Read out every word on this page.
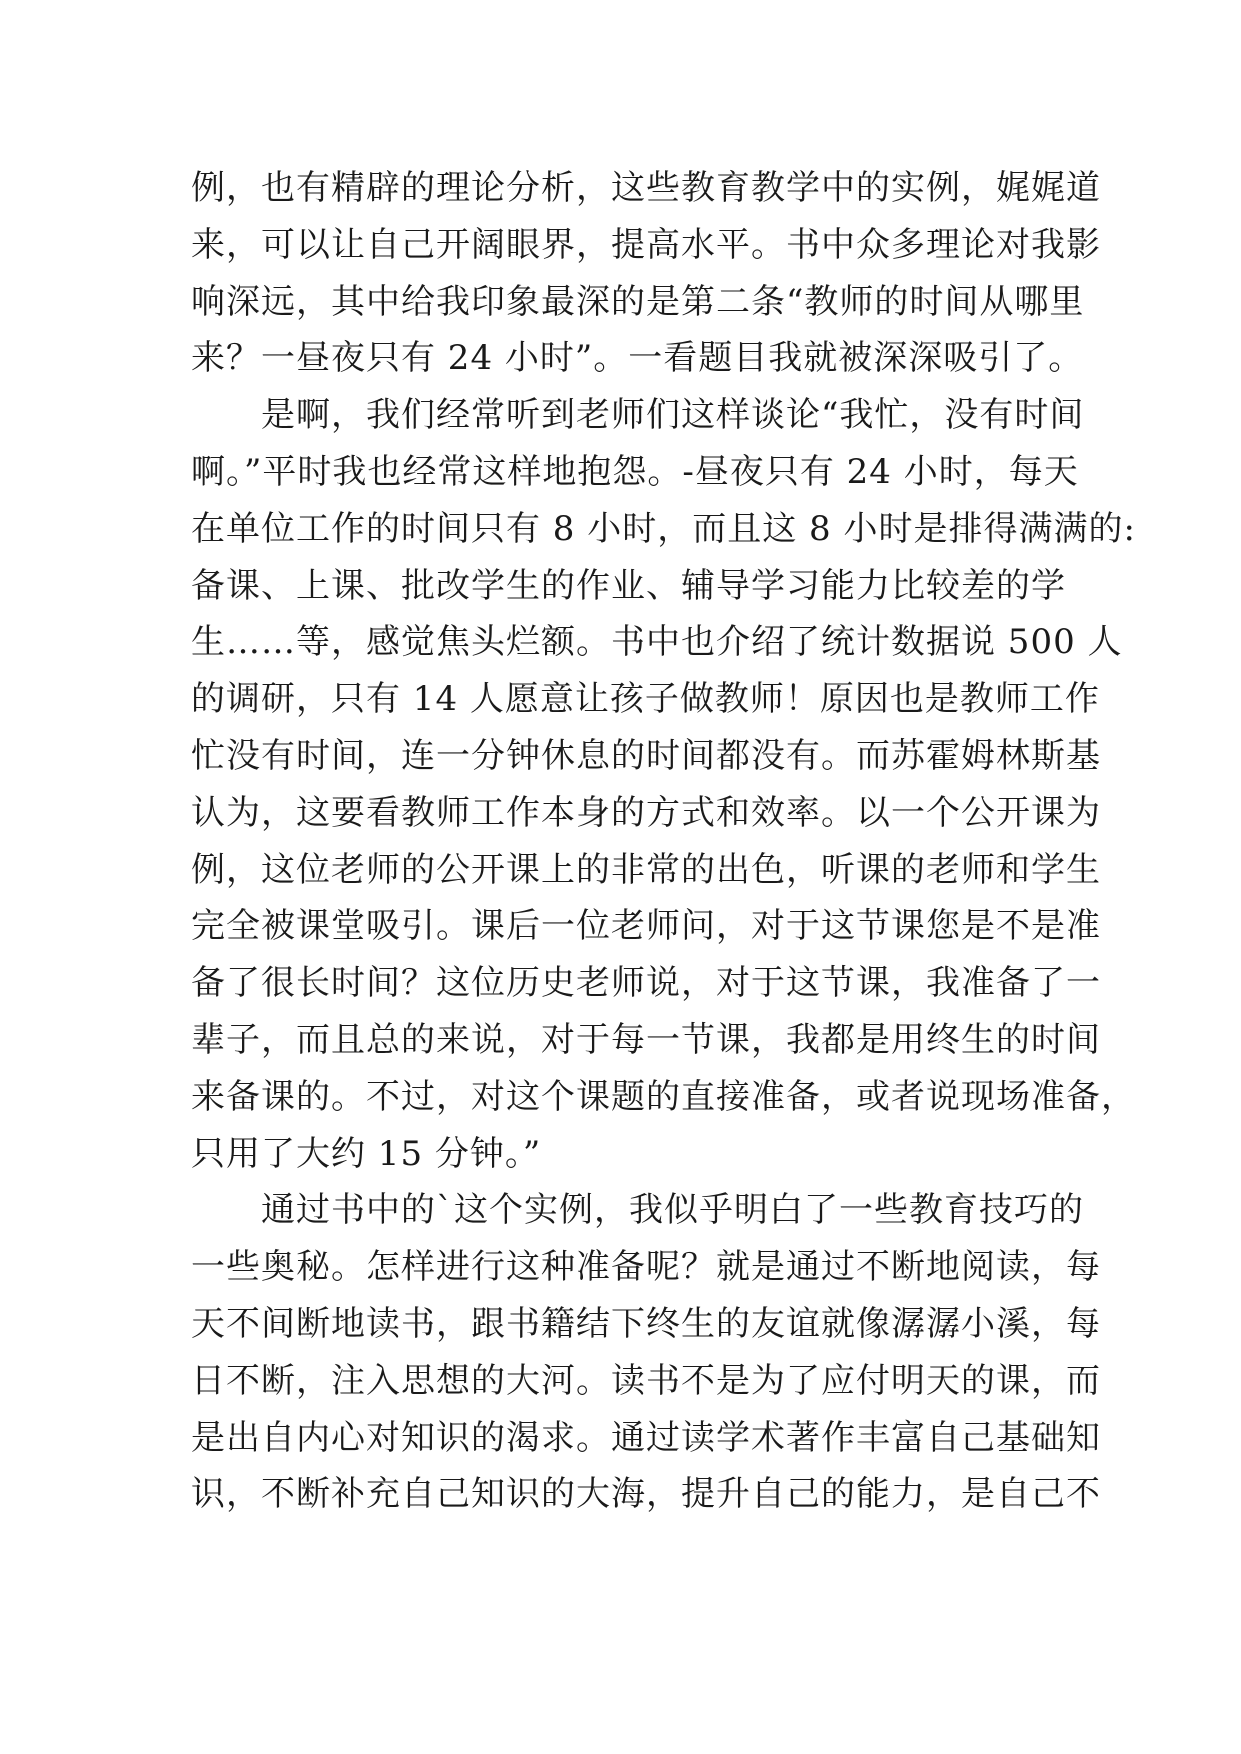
例，也有精辟的理论分析，这些教育教学中的实例，娓娓道
来，可以让自己开阔眼界，提高水平。书中众多理论对我影
响深远，其中给我印象最深的是第二条“教师的时间从哪里
来？一昼夜只有 24 小时”。一看题目我就被深深吸引了。
是啊，我们经常听到老师们这样谈论“我忙，没有时间
啊。”平时我也经常这样地抱怨。-昼夜只有 24 小时，每天
在单位工作的时间只有 8 小时，而且这 8 小时是排得满满的:
备课、上课、批改学生的作业、辅导学习能力比较差的学
生……等，感觉焦头烂额。书中也介绍了统计数据说 500 人
的调研，只有 14 人愿意让孩子做教师！原因也是教师工作
忙没有时间，连一分钟休息的时间都没有。而苏霍姆林斯基
认为，这要看教师工作本身的方式和效率。以一个公开课为
例，这位老师的公开课上的非常的出色，听课的老师和学生
完全被课堂吸引。课后一位老师问，对于这节课您是不是准
备了很长时间？这位历史老师说，对于这节课，我准备了一
辈子，而且总的来说，对于每一节课，我都是用终生的时间
来备课的。不过，对这个课题的直接准备，或者说现场准备，
只用了大约 15 分钟。”
通过书中的`这个实例，我似乎明白了一些教育技巧的
一些奥秘。怎样进行这种准备呢？就是通过不断地阅读，每
天不间断地读书，跟书籍结下终生的友谊就像潺潺小溪，每
日不断，注入思想的大河。读书不是为了应付明天的课，而
是出自内心对知识的渴求。通过读学术著作丰富自己基础知
识，不断补充自己知识的大海，提升自己的能力，是自己不
